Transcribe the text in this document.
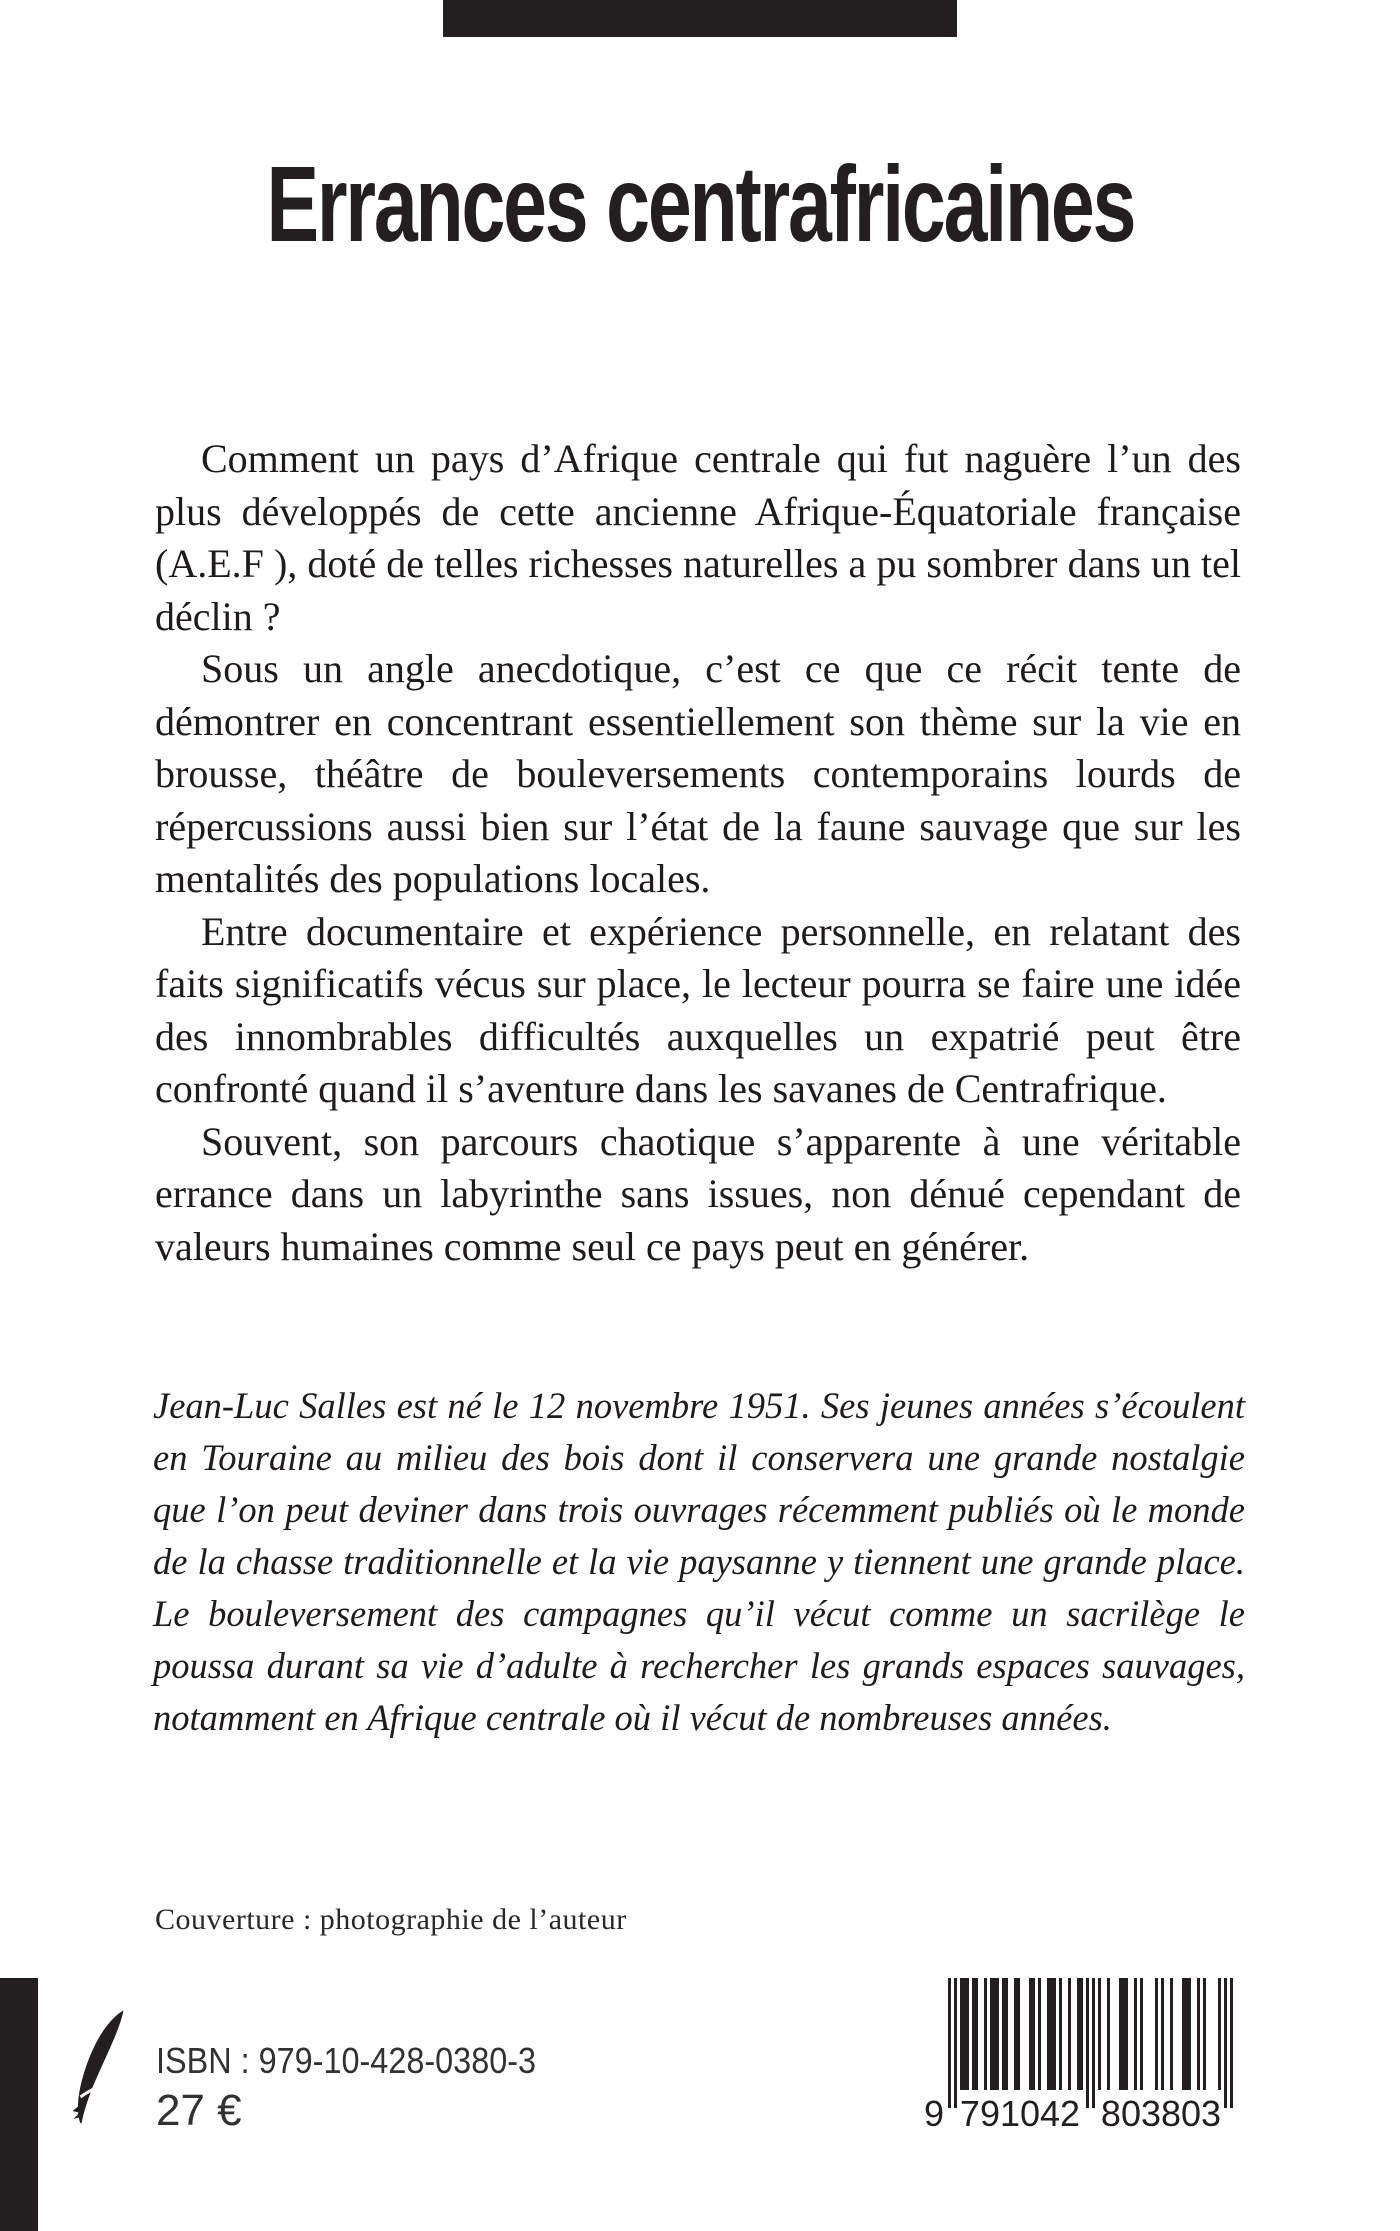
Errances centrafricaines

Comment un pays d’Afrique centrale qui fut naguère l’un des plus développés de cette ancienne Afrique-Équatoriale française (A.E.F ), doté de telles richesses naturelles a pu sombrer dans un tel déclin ?

Sous un angle anecdotique, c’est ce que ce récit tente de démontrer en concentrant essentiellement son thème sur la vie en brousse, théâtre de bouleversements contemporains lourds de répercussions aussi bien sur l’état de la faune sauvage que sur les mentalités des populations locales.

Entre documentaire et expérience personnelle, en relatant des faits significatifs vécus sur place, le lecteur pourra se faire une idée des innombrables difficultés auxquelles un expatrié peut être confronté quand il s’aventure dans les savanes de Centrafrique.

Souvent, son parcours chaotique s’apparente à une véritable errance dans un labyrinthe sans issues, non dénué cependant de valeurs humaines comme seul ce pays peut en générer.

Jean-Luc Salles est né le 12 novembre 1951. Ses jeunes années s’écoulent en Touraine au milieu des bois dont il conservera une grande nostalgie que l’on peut deviner dans trois ouvrages récemment publiés où le monde de la chasse traditionnelle et la vie paysanne y tiennent une grande place. Le bouleversement des campagnes qu’il vécut comme un sacrilège le poussa durant sa vie d’adulte à rechercher les grands espaces sauvages, notamment en Afrique centrale où il vécut de nombreuses années.

Couverture : photographie de l’auteur
ISBN : 979-10-428-0380-3
27 €	9 791042 803803
